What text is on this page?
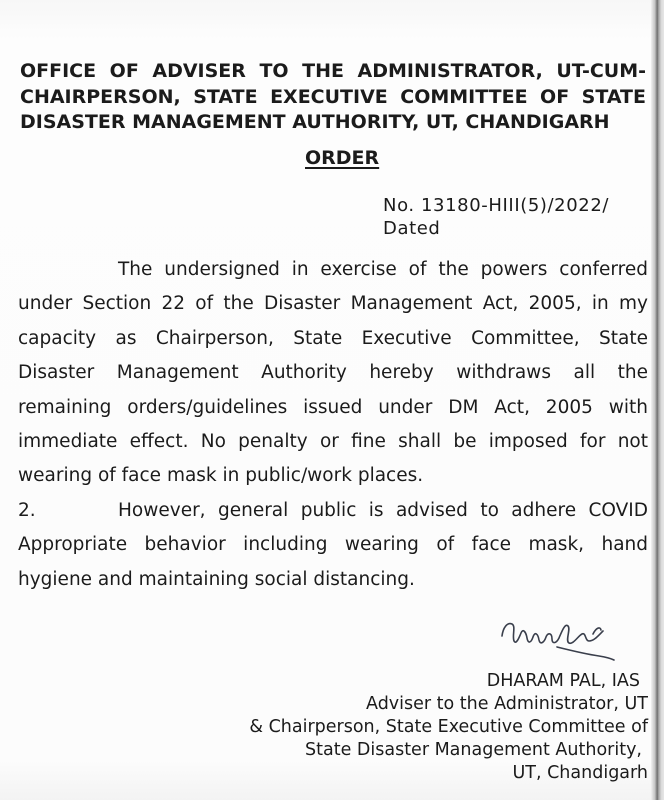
OFFICE OF ADVISER TO THE ADMINISTRATOR, UT-CUM-
CHAIRPERSON, STATE EXECUTIVE COMMITTEE OF STATE
DISASTER MANAGEMENT AUTHORITY, UT, CHANDIGARH
ORDER
No. 13180-HIII(5)/2022/
Dated
The undersigned in exercise of the powers conferred
under Section 22 of the Disaster Management Act, 2005, in my
capacity as Chairperson, State Executive Committee, State
Disaster Management Authority hereby withdraws all the
remaining orders/guidelines issued under DM Act, 2005 with
immediate effect. No penalty or fine shall be imposed for not
wearing of face mask in public/work places.
2.	However, general public is advised to adhere COVID
Appropriate behavior including wearing of face mask, hand
hygiene and maintaining social distancing.
DHARAM PAL, IAS
Adviser to the Administrator, UT
& Chairperson, State Executive Committee of
State Disaster Management Authority,
UT, Chandigarh
